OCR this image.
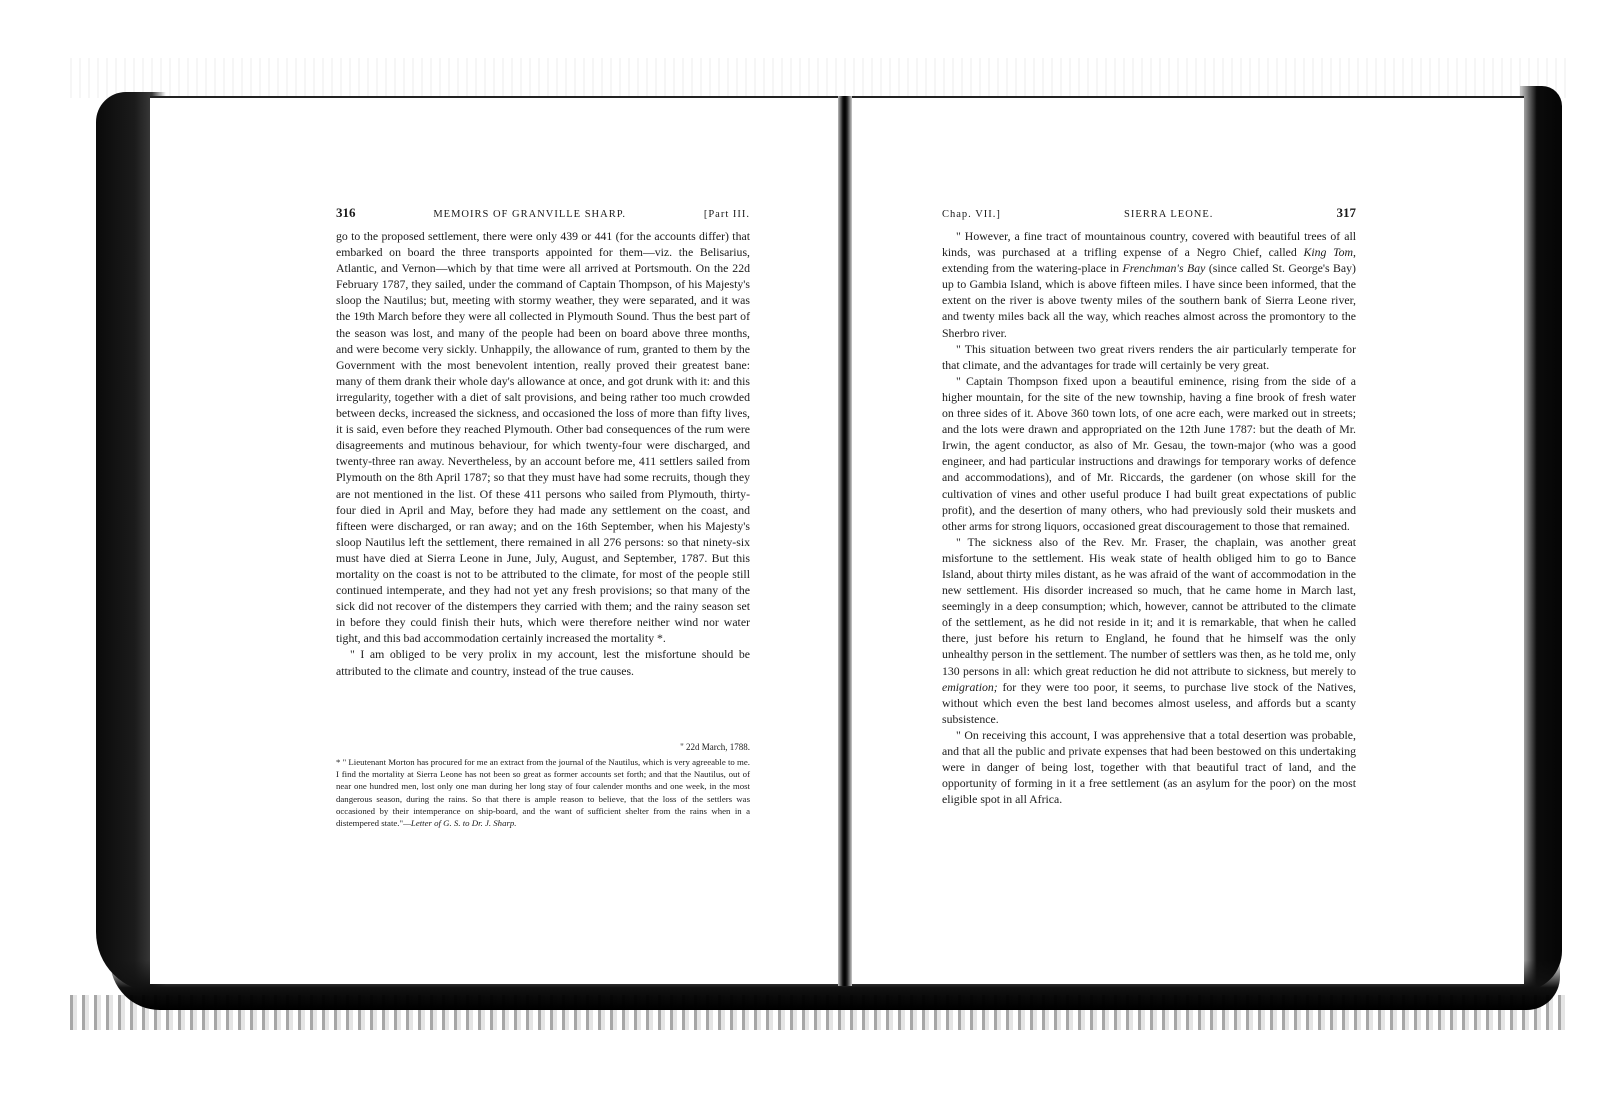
316	MEMOIRS OF GRANVILLE SHARP.	[Part III.

go to the proposed settlement, there were only 439 or 441 (for the accounts differ) that embarked on board the three transports appointed for them—viz. the Belisarius, Atlantic, and Vernon—which by that time were all arrived at Portsmouth. On the 22d February 1787, they sailed, under the command of Captain Thompson, of his Majesty's sloop the Nautilus; but, meeting with stormy weather, they were separated, and it was the 19th March before they were all collected in Plymouth Sound. Thus the best part of the season was lost, and many of the people had been on board above three months, and were become very sickly. Unhappily, the allowance of rum, granted to them by the Government with the most benevolent intention, really proved their greatest bane: many of them drank their whole day's allowance at once, and got drunk with it: and this irregularity, together with a diet of salt provisions, and being rather too much crowded between decks, increased the sickness, and occasioned the loss of more than fifty lives, it is said, even before they reached Plymouth. Other bad consequences of the rum were disagreements and mutinous behaviour, for which twenty-four were discharged, and twenty-three ran away. Nevertheless, by an account before me, 411 settlers sailed from Plymouth on the 8th April 1787; so that they must have had some recruits, though they are not mentioned in the list. Of these 411 persons who sailed from Plymouth, thirty-four died in April and May, before they had made any settlement on the coast, and fifteen were discharged, or ran away; and on the 16th September, when his Majesty's sloop Nautilus left the settlement, there remained in all 276 persons: so that ninety-six must have died at Sierra Leone in June, July, August, and September, 1787. But this mortality on the coast is not to be attributed to the climate, for most of the people still continued intemperate, and they had not yet any fresh provisions; so that many of the sick did not recover of the distempers they carried with them; and the rainy season set in before they could finish their huts, which were therefore neither wind nor water tight, and this bad accommodation certainly increased the mortality *.

" I am obliged to be very prolix in my account, lest the misfortune should be attributed to the climate and country, instead of the true causes.

" 22d March, 1788.
* " Lieutenant Morton has procured for me an extract from the journal of the Nautilus, which is very agreeable to me. I find the mortality at Sierra Leone has not been so great as former accounts set forth; and that the Nautilus, out of near one hundred men, lost only one man during her long stay of four calender months and one week, in the most dangerous season, during the rains. So that there is ample reason to believe, that the loss of the settlers was occasioned by their intemperance on ship-board, and the want of sufficient shelter from the rains when in a distempered state."—Letter of G. S. to Dr. J. Sharp.
Chap. VII.]	SIERRA LEONE.	317

" However, a fine tract of mountainous country, covered with beautiful trees of all kinds, was purchased at a trifling expense of a Negro Chief, called King Tom, extending from the watering-place in Frenchman's Bay (since called St. George's Bay) up to Gambia Island, which is above fifteen miles. I have since been informed, that the extent on the river is above twenty miles of the southern bank of Sierra Leone river, and twenty miles back all the way, which reaches almost across the promontory to the Sherbro river.

" This situation between two great rivers renders the air particularly temperate for that climate, and the advantages for trade will certainly be very great.

" Captain Thompson fixed upon a beautiful eminence, rising from the side of a higher mountain, for the site of the new township, having a fine brook of fresh water on three sides of it. Above 360 town lots, of one acre each, were marked out in streets; and the lots were drawn and appropriated on the 12th June 1787: but the death of Mr. Irwin, the agent conductor, as also of Mr. Gesau, the town-major (who was a good engineer, and had particular instructions and drawings for temporary works of defence and accommodations), and of Mr. Riccards, the gardener (on whose skill for the cultivation of vines and other useful produce I had built great expectations of public profit), and the desertion of many others, who had previously sold their muskets and other arms for strong liquors, occasioned great discouragement to those that remained.

" The sickness also of the Rev. Mr. Fraser, the chaplain, was another great misfortune to the settlement. His weak state of health obliged him to go to Bance Island, about thirty miles distant, as he was afraid of the want of accommodation in the new settlement. His disorder increased so much, that he came home in March last, seemingly in a deep consumption; which, however, cannot be attributed to the climate of the settlement, as he did not reside in it; and it is remarkable, that when he called there, just before his return to England, he found that he himself was the only unhealthy person in the settlement. The number of settlers was then, as he told me, only 130 persons in all: which great reduction he did not attribute to sickness, but merely to emigration; for they were too poor, it seems, to purchase live stock of the Natives, without which even the best land becomes almost useless, and affords but a scanty subsistence.

" On receiving this account, I was apprehensive that a total desertion was probable, and that all the public and private expenses that had been bestowed on this undertaking were in danger of being lost, together with that beautiful tract of land, and the opportunity of forming in it a free settlement (as an asylum for the poor) on the most eligible spot in all Africa.
